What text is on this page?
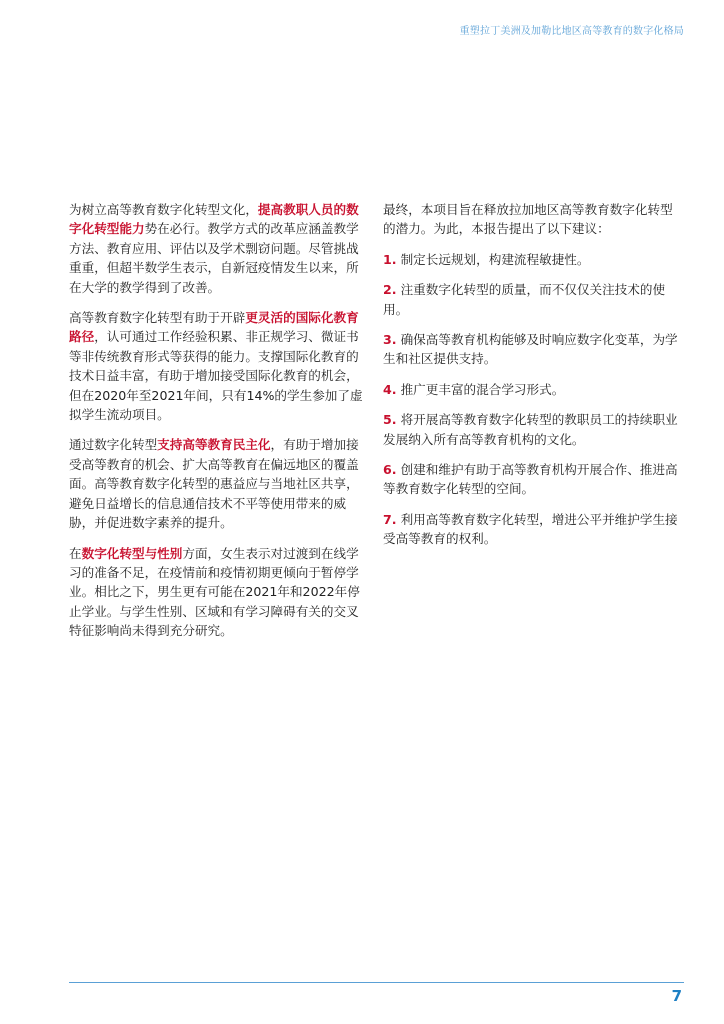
重塑拉丁美洲及加勒比地区高等教育的数字化格局

为树立高等教育数字化转型文化，提高教职人员的数字化转型能力势在必行。教学方式的改革应涵盖教学方法、教育应用、评估以及学术剽窃问题。尽管挑战重重，但超半数学生表示，自新冠疫情发生以来，所在大学的教学得到了改善。

高等教育数字化转型有助于开辟更灵活的国际化教育路径，认可通过工作经验积累、非正规学习、微证书等非传统教育形式等获得的能力。支撑国际化教育的技术日益丰富，有助于增加接受国际化教育的机会，但在2020年至2021年间，只有14%的学生参加了虚拟学生流动项目。

通过数字化转型支持高等教育民主化，有助于增加接受高等教育的机会、扩大高等教育在偏远地区的覆盖面。高等教育数字化转型的惠益应与当地社区共享，避免日益增长的信息通信技术不平等使用带来的威胁，并促进数字素养的提升。

在数字化转型与性别方面，女生表示对过渡到在线学习的准备不足，在疫情前和疫情初期更倾向于暂停学业。相比之下，男生更有可能在2021年和2022年停止学业。与学生性别、区域和有学习障碍有关的交叉特征影响尚未得到充分研究。

最终，本项目旨在释放拉加地区高等教育数字化转型的潜力。为此，本报告提出了以下建议：

1. 制定长远规划，构建流程敏捷性。
2. 注重数字化转型的质量，而不仅仅关注技术的使用。
3. 确保高等教育机构能够及时响应数字化变革，为学生和社区提供支持。
4. 推广更丰富的混合学习形式。
5. 将开展高等教育数字化转型的教职员工的持续职业发展纳入所有高等教育机构的文化。
6. 创建和维护有助于高等教育机构开展合作、推进高等教育数字化转型的空间。
7. 利用高等教育数字化转型，增进公平并维护学生接受高等教育的权利。
7
